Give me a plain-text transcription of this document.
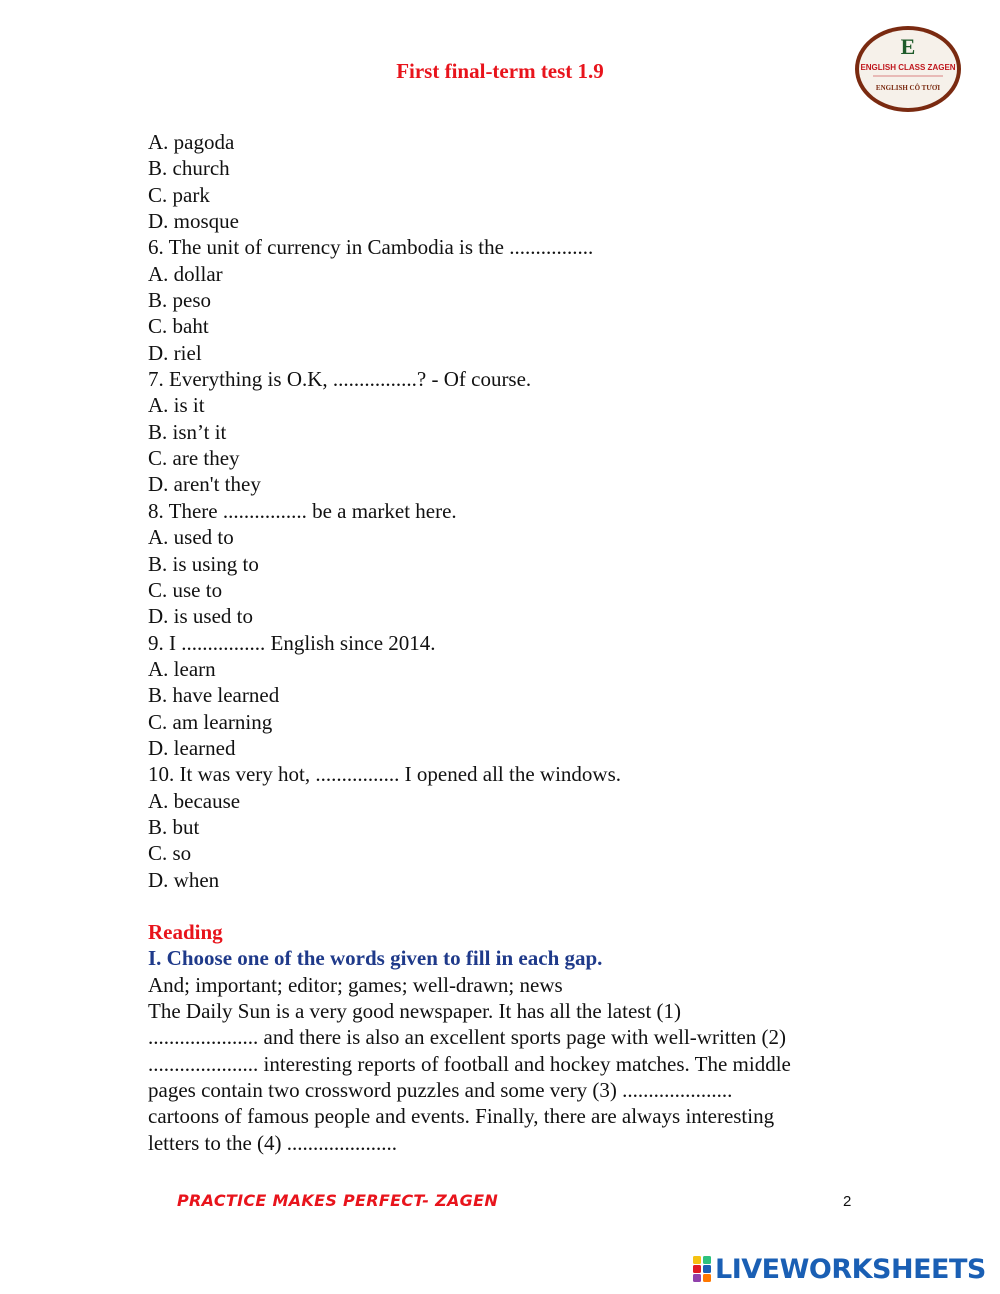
First final-term test 1.9
E
ENGLISH CLASS ZAGEN
ENGLISH CÔ TƯƠI
A. pagoda
B. church
C. park
D. mosque
6. The unit of currency in Cambodia is the ................
A. dollar
B. peso
C. baht
D. riel
7. Everything is O.K, ................? - Of course.
A. is it
B. isn’t it
C. are they
D. aren't they
8. There ................ be a market here.
A. used to
B. is using to
C. use to
D. is used to
9. I ................ English since 2014.
A. learn
B. have learned
C. am learning
D. learned
10. It was very hot, ................ I opened all the windows.
A. because
B. but
C. so
D. when
Reading
I. Choose one of the words given to fill in each gap.
And; important; editor; games; well-drawn; news
The Daily Sun is a very good newspaper. It has all the latest (1)
..................... and there is also an excellent sports page with well-written (2)
..................... interesting reports of football and hockey matches. The middle
pages contain two crossword puzzles and some very (3) .....................
cartoons of famous people and events. Finally, there are always interesting
letters to the (4) .....................
PRACTICE MAKES PERFECT- ZAGEN	2
LIVEWORKSHEETS
